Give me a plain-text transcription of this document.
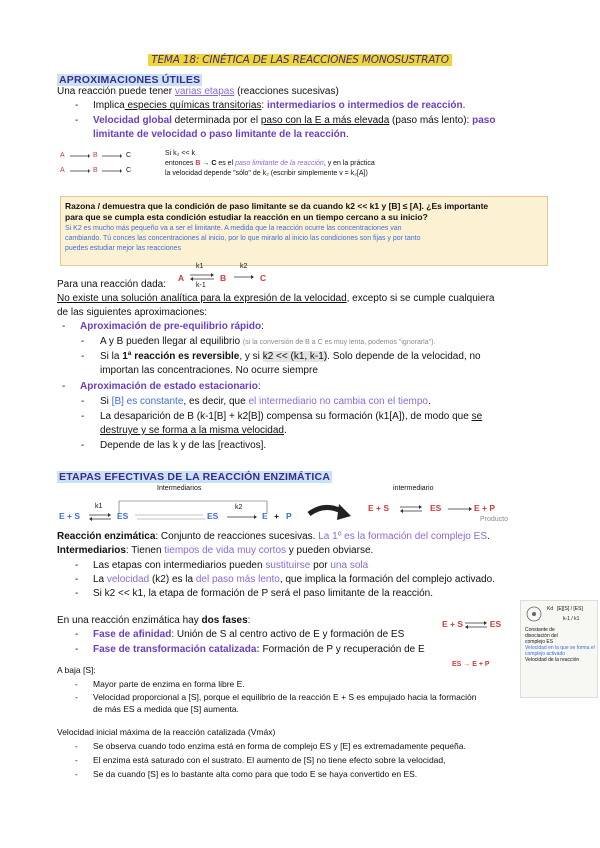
TEMA 18: CINÉTICA DE LAS REACCIONES MONOSUSTRATO
APROXIMACIONES ÚTILES
Una reacción puede tener varias etapas (reacciones sucesivas)
- Implica especies químicas transitorias: intermediarios o intermedios de reacción.
- Velocidad global determinada por el paso con la E a más elevada (paso más lento): paso
limitante de velocidad o paso limitante de la reacción.
A	B	C
A	B	C
Si k₂ << k
entonces B → C es el paso limitante de la reacción, y en la práctica
la velocidad depende "sólo" de k₂ (escribir simplemente v = k₂[A])
Razona / demuestra que la condición de paso limitante se da cuando k2 << k1 y [B] ≤ [A]. ¿Es importante
para que se cumpla esta condición estudiar la reacción en un tiempo cercano a su inicio?
Si K2 es mucho más pequeño va a ser el limitante. A medida que la reacción ocurre las concentraciones van
cambiando. Tú conces las concentraciones al inicio, por lo que mirarlo al inicio las condiciones son fijas y por tanto
puedes estudiar mejor las reacciones
Para una reacción dada:
A
k1
k-1
B
k2
C
No existe una solución analítica para la expresión de la velocidad, excepto si se cumple cualquiera
de las siguientes aproximaciones:
- Aproximación de pre-equilibrio rápido:
- A y B pueden llegar al equilibrio (si la conversión de B a C es muy lenta, podemos "ignorarla").
- Si la 1ª reacción es reversible, y si k2 << (k1, k-1). Solo depende de la velocidad, no
importan las concentraciones. No ocurre siempre
- Aproximación de estado estacionario:
- Si [B] es constante, es decir, que el intermediario no cambia con el tiempo.
- La desaparición de B (k-1[B] + k2[B]) compensa su formación (k1[A]), de modo que se
destruye y se forma a la misma velocidad.
- Depende de las k y de las [reactivos].
ETAPAS EFECTIVAS DE LA REACCIÓN ENZIMÁTICA
Intermediarios
E + S
k1
⇌ ES	ES
k2
E + P
intermediario
E + S ⇌ ES	E + P
Producto
Reacción enzimática: Conjunto de reacciones sucesivas. La 1º es la formación del complejo ES.
Intermediarios: Tienen tiempos de vida muy cortos y pueden obviarse.
- Las etapas con intermediarios pueden sustituirse por una sola
- La velocidad (k2) es la del paso más lento, que implica la formación del complejo activado.
- Si k2 << k1, la etapa de formación de P será el paso limitante de la reacción.
En una reacción enzimática hay dos fases:
- Fase de afinidad: Unión de S al centro activo de E y formación de ES
- Fase de transformación catalizada: Formación de P y recuperación de E
E + S ⇌ ES
ES → E + P
Kd [E][S] / [ES]
k-1 / k1
Constante de
disociación del
complejo ES
Velocidad en la que se forma el
complejo activado
Velocidad de la reacción
A baja [S]:
- Mayor parte de enzima en forma libre E.
- Velocidad proporcional a [S], porque el equilibrio de la reacción E + S es empujado hacia la formación
de más ES a medida que [S] aumenta.
Velocidad inicial máxima de la reacción catalizada (Vmáx)
- Se observa cuando todo enzima está en forma de complejo ES y [E] es extremadamente pequeña.
- El enzima está saturado con el sustrato. El aumento de [S] no tiene efecto sobre la velocidad,
- Se da cuando [S] es lo bastante alta como para que todo E se haya convertido en ES.
